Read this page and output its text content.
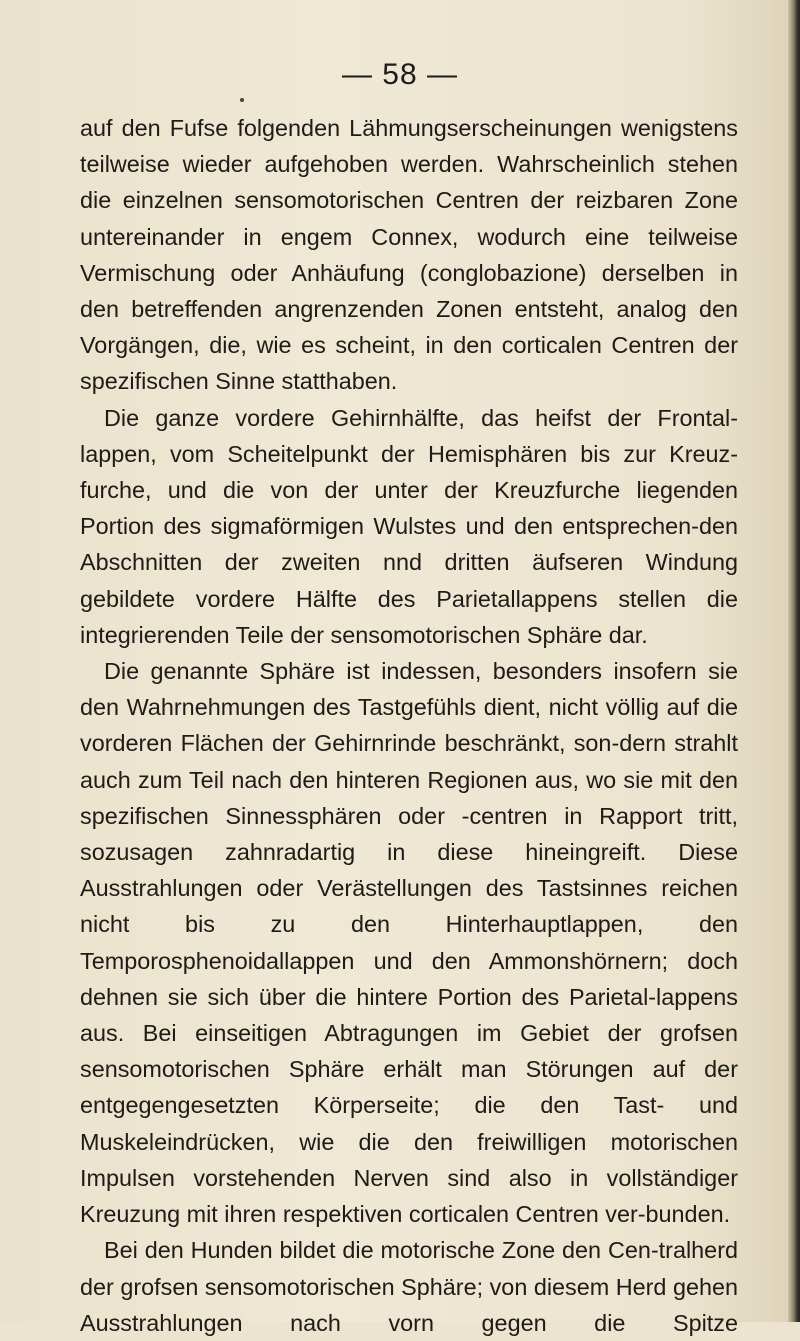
— 58 —

auf den Fufse folgenden Lähmungserscheinungen wenigstens teilweise wieder aufgehoben werden. Wahrscheinlich stehen die einzelnen sensomotorischen Centren der reizbaren Zone untereinander in engem Connex, wodurch eine teilweise Vermischung oder Anhäufung (conglobazione) derselben in den betreffenden angrenzenden Zonen entsteht, analog den Vorgängen, die, wie es scheint, in den corticalen Centren der spezifischen Sinne statthaben.

Die ganze vordere Gehirnhälfte, das heifst der Frontal-lappen, vom Scheitelpunkt der Hemisphären bis zur Kreuz-furche, und die von der unter der Kreuzfurche liegenden Portion des sigmaförmigen Wulstes und den entsprechen-den Abschnitten der zweiten nnd dritten äufseren Windung gebildete vordere Hälfte des Parietallappens stellen die integrierenden Teile der sensomotorischen Sphäre dar.

Die genannte Sphäre ist indessen, besonders insofern sie den Wahrnehmungen des Tastgefühls dient, nicht völlig auf die vorderen Flächen der Gehirnrinde beschränkt, son-dern strahlt auch zum Teil nach den hinteren Regionen aus, wo sie mit den spezifischen Sinnessphären oder -centren in Rapport tritt, sozusagen zahnradartig in diese hineingreift. Diese Ausstrahlungen oder Verästellungen des Tastsinnes reichen nicht bis zu den Hinterhauptlappen, den Temporosphenoidallappen und den Ammonshörnern; doch dehnen sie sich über die hintere Portion des Parietal-lappens aus. Bei einseitigen Abtragungen im Gebiet der grofsen sensomotorischen Sphäre erhält man Störungen auf der entgegengesetzten Körperseite; die den Tast- und Muskeleindrücken, wie die den freiwilligen motorischen Impulsen vorstehenden Nerven sind also in vollständiger Kreuzung mit ihren respektiven corticalen Centren ver-bunden.

Bei den Hunden bildet die motorische Zone den Cen-tralherd der grofsen sensomotorischen Sphäre; von diesem Herd gehen Ausstrahlungen nach vorn gegen die Spitze
